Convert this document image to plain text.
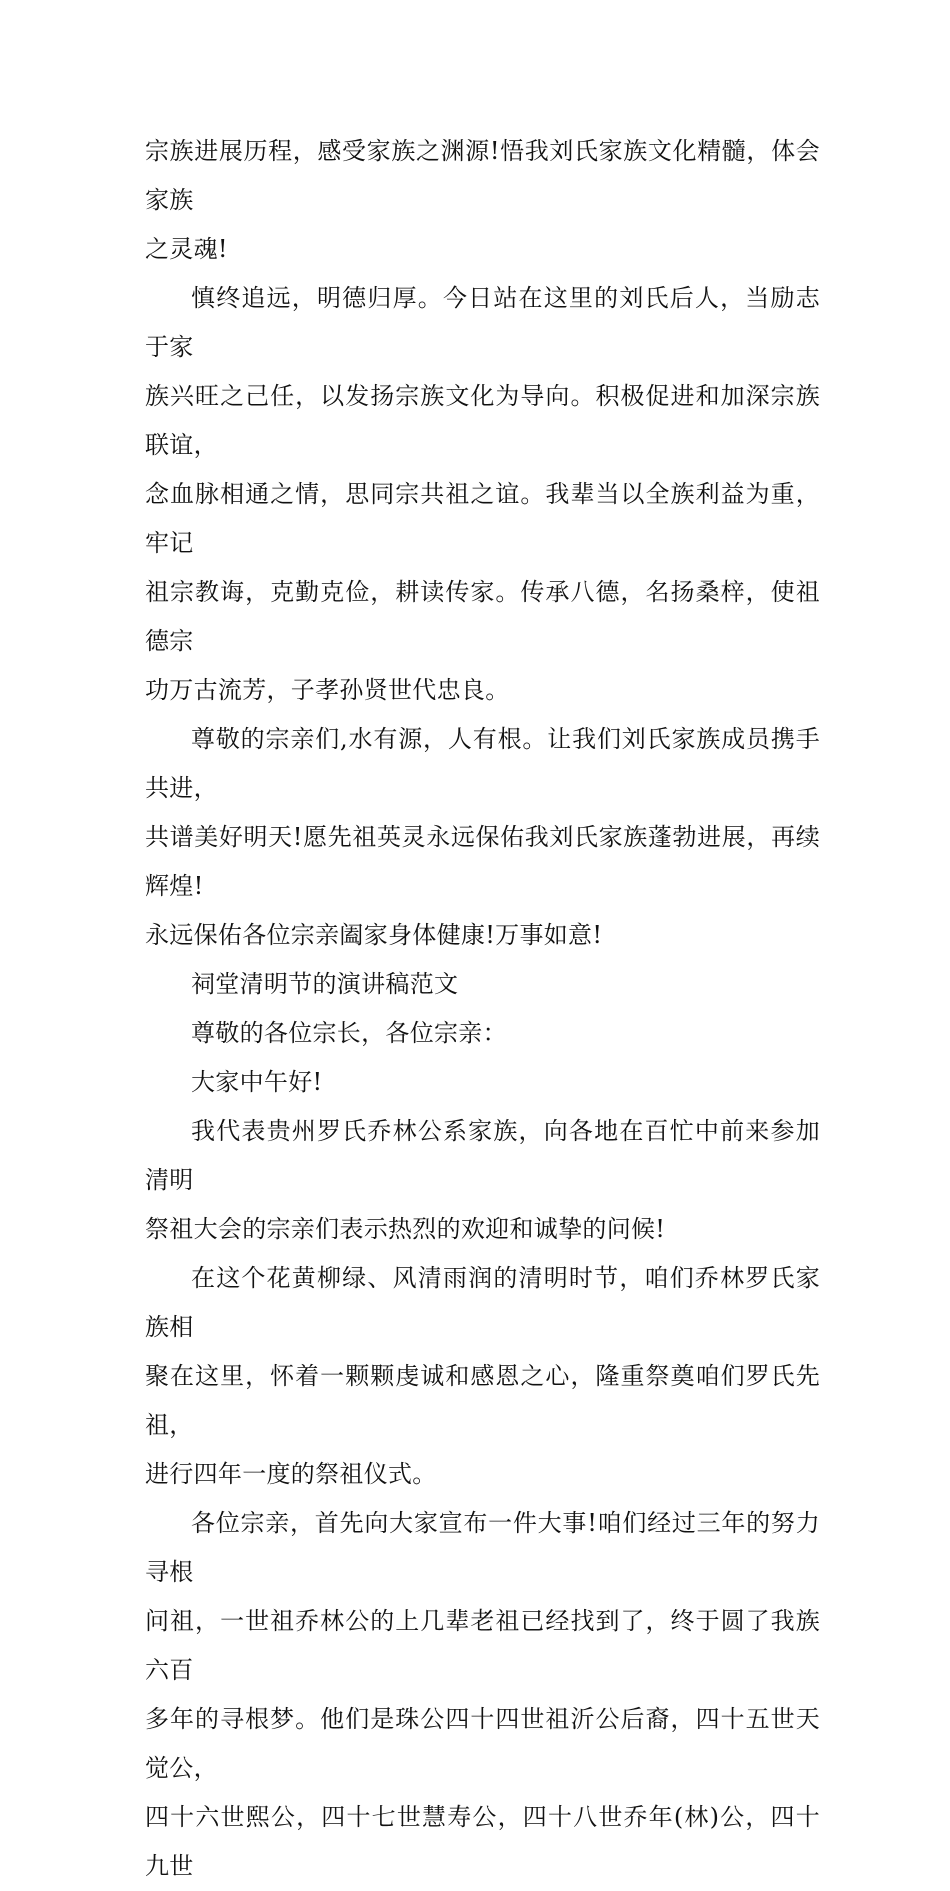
宗族进展历程，感受家族之渊源!悟我刘氏家族文化精髓，体会家族
之灵魂!

慎终追远，明德归厚。今日站在这里的刘氏后人，当励志于家
族兴旺之己任，以发扬宗族文化为导向。积极促进和加深宗族联谊，
念血脉相通之情，思同宗共祖之谊。我辈当以全族利益为重，牢记
祖宗教诲，克勤克俭，耕读传家。传承八德，名扬桑梓，使祖德宗
功万古流芳，子孝孙贤世代忠良。

尊敬的宗亲们,水有源，人有根。让我们刘氏家族成员携手共进，
共谱美好明天!愿先祖英灵永远保佑我刘氏家族蓬勃进展，再续辉煌!
永远保佑各位宗亲阖家身体健康!万事如意!

祠堂清明节的演讲稿范文

尊敬的各位宗长，各位宗亲：

大家中午好!

我代表贵州罗氏乔林公系家族，向各地在百忙中前来参加清明
祭祖大会的宗亲们表示热烈的欢迎和诚挚的问候!

在这个花黄柳绿、风清雨润的清明时节，咱们乔林罗氏家族相
聚在这里，怀着一颗颗虔诚和感恩之心，隆重祭奠咱们罗氏先祖，
进行四年一度的祭祖仪式。

各位宗亲，首先向大家宣布一件大事!咱们经过三年的努力寻根
问祖，一世祖乔林公的上几辈老祖已经找到了，终于圆了我族六百
多年的寻根梦。他们是珠公四十四世祖沂公后裔，四十五世天觉公，
四十六世熙公，四十七世慧寿公，四十八世乔年(林)公，四十九世
